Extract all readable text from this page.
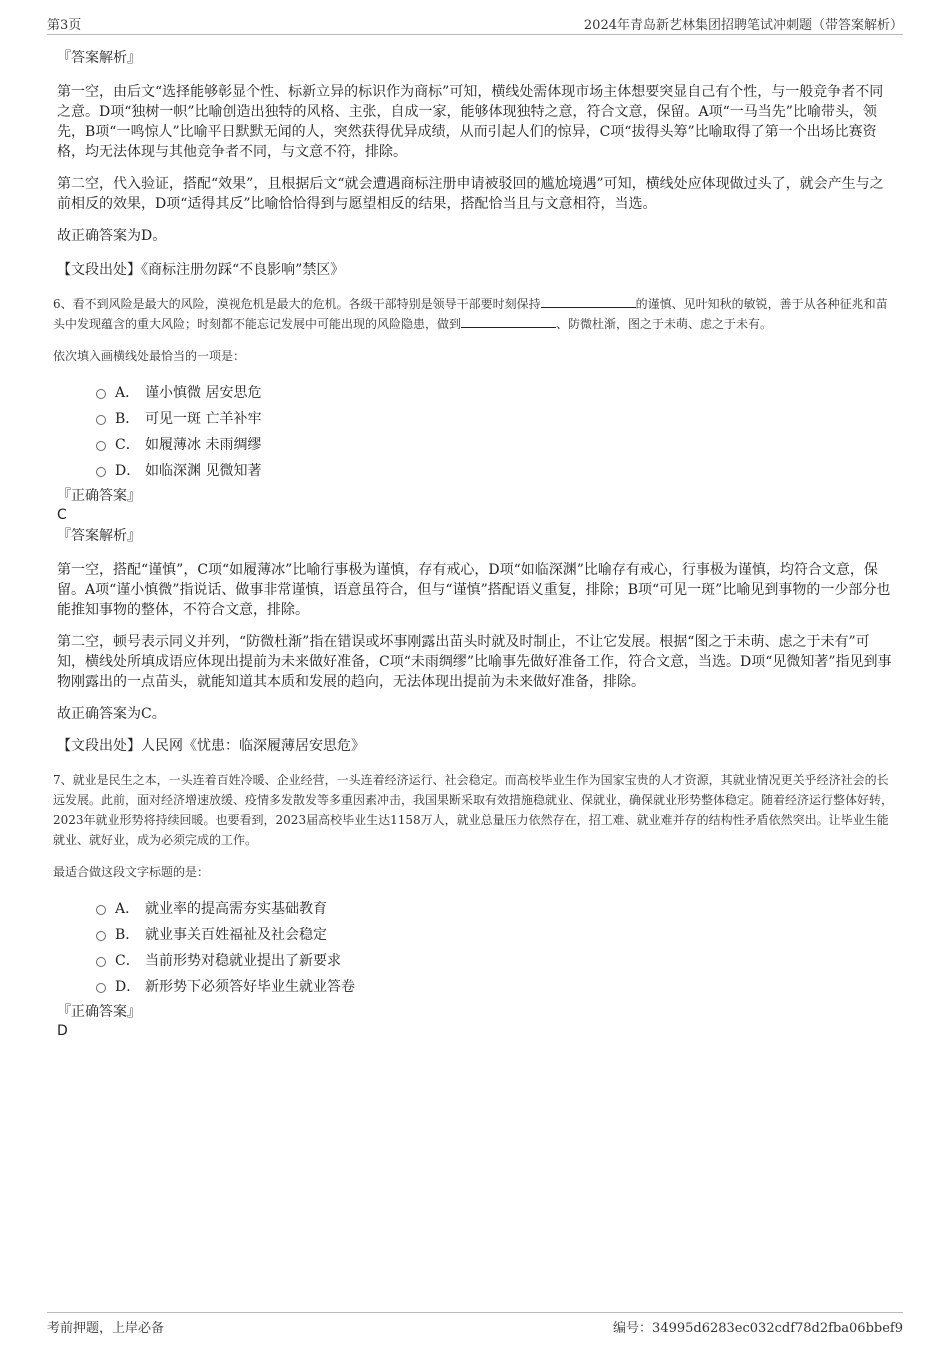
第3页	2024年青岛新艺林集团招聘笔试冲刺题（带答案解析）

『答案解析』

第一空，由后文“选择能够彰显个性、标新立异的标识作为商标”可知，横线处需体现市场主体想要突显自己有个性，与一般竞争者不同之意。D项“独树一帜”比喻创造出独特的风格、主张，自成一家，能够体现独特之意，符合文意，保留。A项“一马当先”比喻带头，领先，B项“一鸣惊人”比喻平日默默无闻的人，突然获得优异成绩，从而引起人们的惊异，C项“拔得头筹”比喻取得了第一个出场比赛资格，均无法体现与其他竞争者不同，与文意不符，排除。

第二空，代入验证，搭配“效果”，且根据后文“就会遭遇商标注册申请被驳回的尴尬境遇”可知，横线处应体现做过头了，就会产生与之前相反的效果，D项“适得其反”比喻恰恰得到与愿望相反的结果，搭配恰当且与文意相符，当选。

故正确答案为D。

【文段出处】《商标注册勿踩“不良影响”禁区》

6、看不到风险是最大的风险，漠视危机是最大的危机。各级干部特别是领导干部要时刻保持	的谨慎、见叶知秋的敏锐，善于从各种征兆和苗头中发现蕴含的重大风险；时刻都不能忘记发展中可能出现的风险隐患，做到	、防微杜渐，图之于未萌、虑之于未有。

依次填入画横线处最恰当的一项是：

A． 谨小慎微 居安思危
B． 可见一斑 亡羊补牢
C． 如履薄冰 未雨绸缪
D． 如临深渊 见微知著

『正确答案』

C

『答案解析』

第一空，搭配“谨慎”，C项“如履薄冰”比喻行事极为谨慎，存有戒心，D项“如临深渊”比喻存有戒心，行事极为谨慎，均符合文意，保留。A项“谨小慎微”指说话、做事非常谨慎，语意虽符合，但与“谨慎”搭配语义重复，排除；B项“可见一斑”比喻见到事物的一少部分也能推知事物的整体，不符合文意，排除。

第二空，顿号表示同义并列，“防微杜渐”指在错误或坏事刚露出苗头时就及时制止，不让它发展。根据“图之于未萌、虑之于未有”可知，横线处所填成语应体现出提前为未来做好准备，C项“未雨绸缪”比喻事先做好准备工作，符合文意，当选。D项“见微知著”指见到事物刚露出的一点苗头，就能知道其本质和发展的趋向，无法体现出提前为未来做好准备，排除。

故正确答案为C。

【文段出处】人民网《忧患：临深履薄居安思危》

7、就业是民生之本，一头连着百姓冷暖、企业经营，一头连着经济运行、社会稳定。而高校毕业生作为国家宝贵的人才资源，其就业情况更关乎经济社会的长远发展。此前，面对经济增速放缓、疫情多发散发等多重因素冲击，我国果断采取有效措施稳就业、保就业，确保就业形势整体稳定。随着经济运行整体好转，2023年就业形势将持续回暖。也要看到，2023届高校毕业生达1158万人，就业总量压力依然存在，招工难、就业难并存的结构性矛盾依然突出。让毕业生能就业、就好业，成为必须完成的工作。

最适合做这段文字标题的是：

A． 就业率的提高需夯实基础教育
B． 就业事关百姓福祉及社会稳定
C． 当前形势对稳就业提出了新要求
D． 新形势下必须答好毕业生就业答卷

『正确答案』

D

考前押题，上岸必备	编号：34995d6283ec032cdf78d2fba06bbef9
